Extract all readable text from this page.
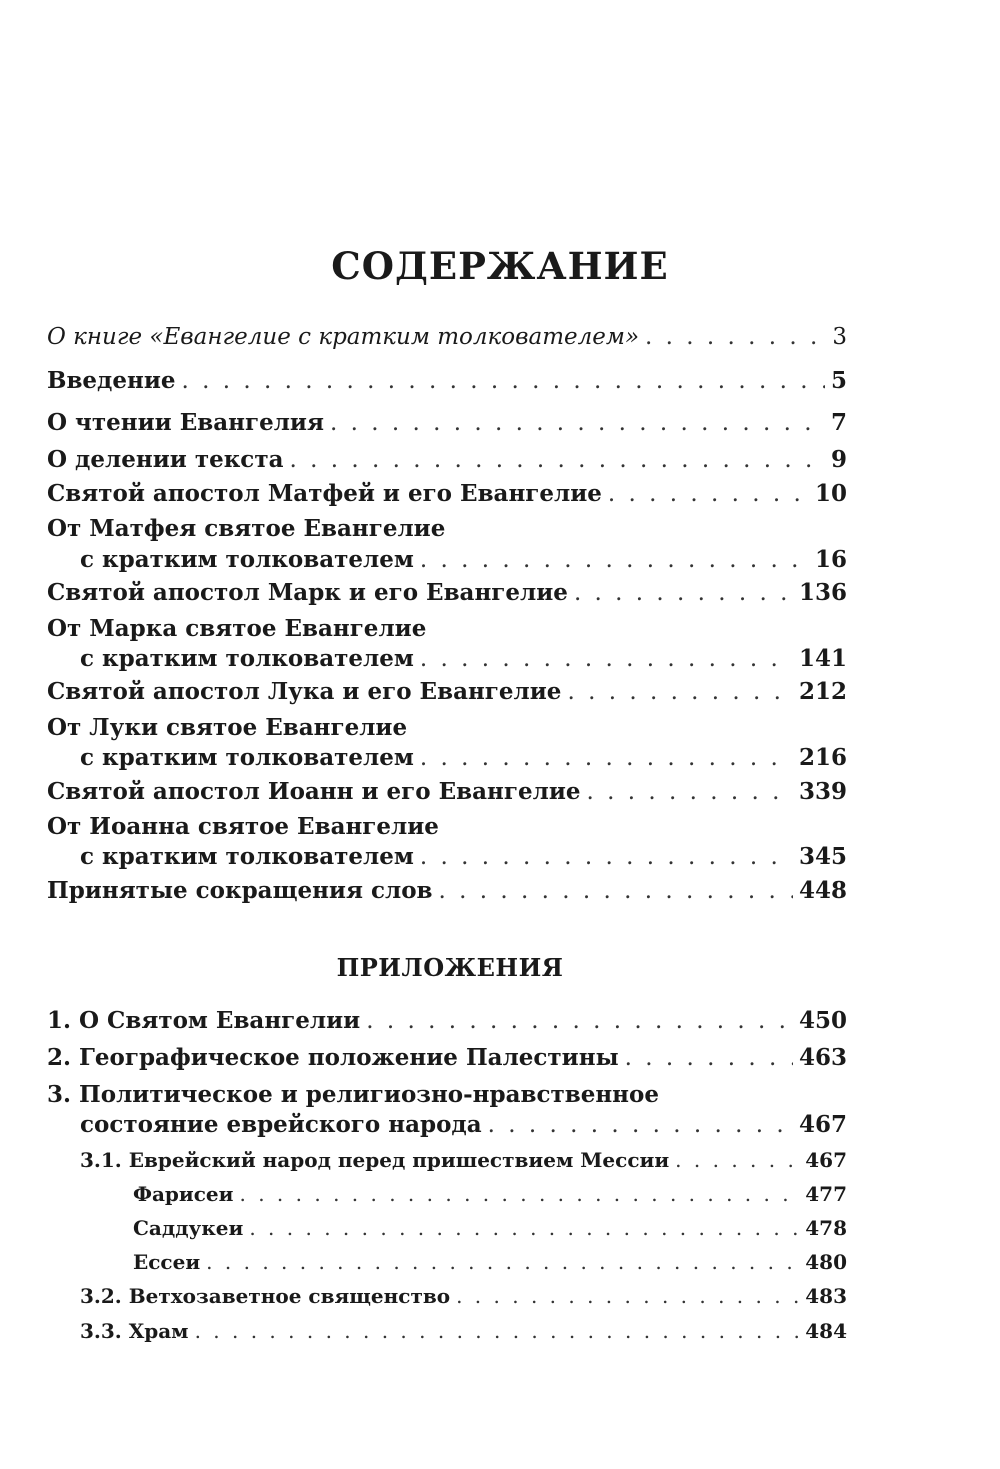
СОДЕРЖАНИЕ
О книге «Евангелие с кратким толкователем» . . .	3
Введение . . .	5
О чтении Евангелия . . .	7
О делении текста . . .	9
Святой апостол Матфей и его Евангелие . . .	10
От Матфея святое Евангелие
с кратким толкователем . . .	16
Святой апостол Марк и его Евангелие . . .	136
От Марка святое Евангелие
с кратким толкователем . . .	141
Святой апостол Лука и его Евангелие . . .	212
От Луки святое Евангелие
с кратким толкователем . . .	216
Святой апостол Иоанн и его Евангелие . . .	339
От Иоанна святое Евангелие
с кратким толкователем . . .	345
Принятые сокращения слов . . .	448
ПРИЛОЖЕНИЯ
1. О Святом Евангелии . . .	450
2. Географическое положение Палестины . . .	463
3. Политическое и религиозно-нравственное
состояние еврейского народа . . .	467
3.1. Еврейский народ перед пришествием Мессии . . .	467
Фарисеи . . .	477
Саддукеи . . .	478
Ессеи . . .	480
3.2. Ветхозаветное священство . . .	483
3.3. Храм . . .	484
